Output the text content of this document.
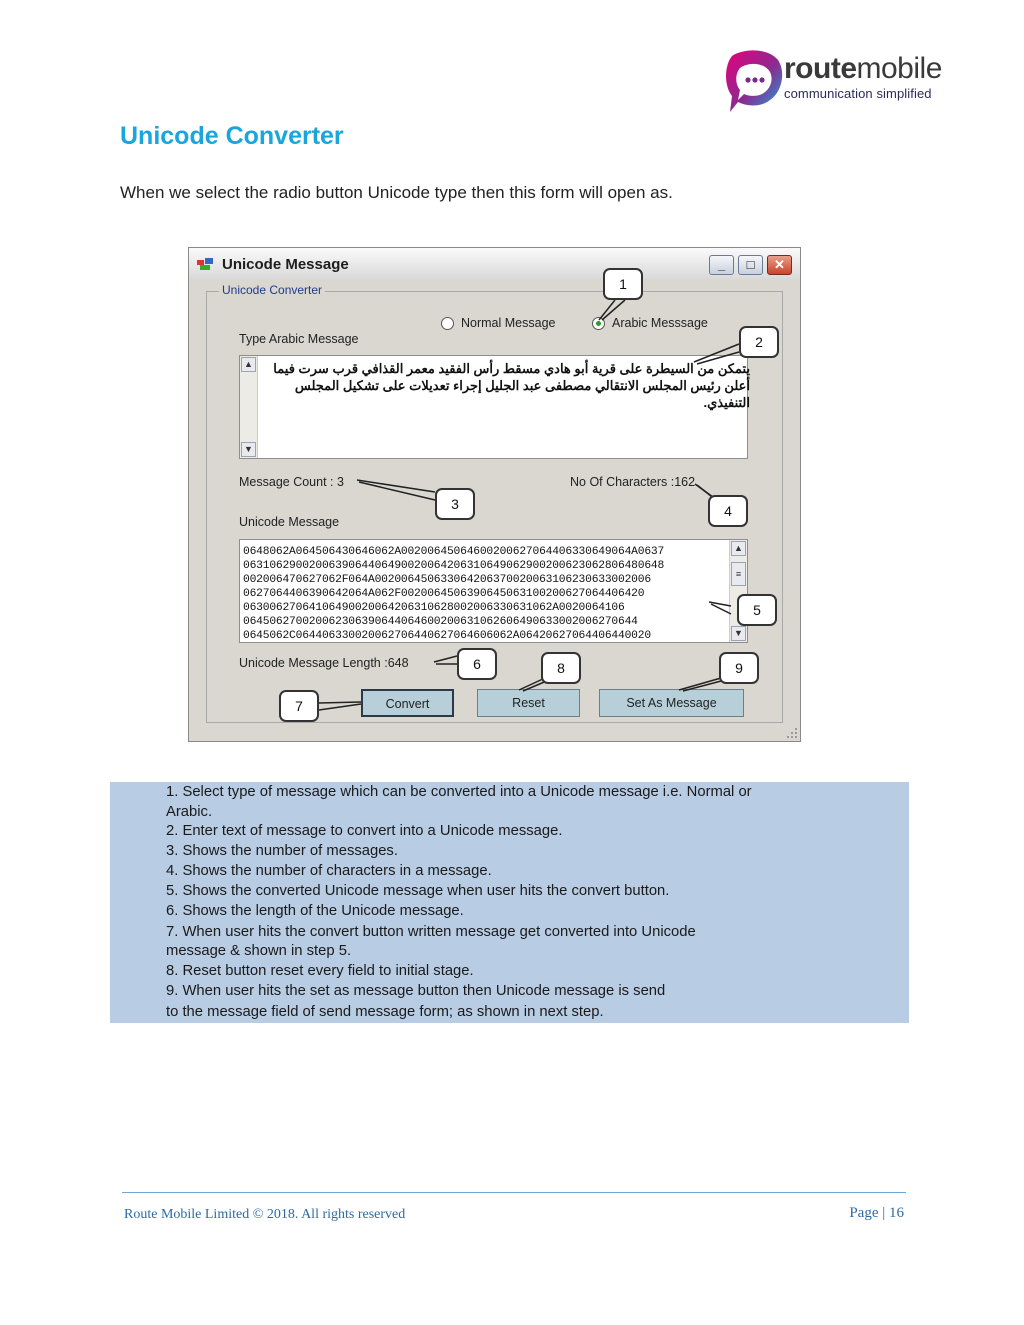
routemobile
communication simplified
Unicode Converter
When we select the radio button Unicode type then this form will open as.
Unicode Message	_	□	✕
Unicode Converter
Normal Message	Arabic Messsage
Type Arabic Message
▲
▼
يتمكن من السيطرة على قرية أبو هادي مسقط رأس الفقيد معمر القذافي قرب سرت فيما أعلن رئيس المجلس الانتقالي مصطفى عبد الجليل إجراء تعديلات على تشكيل المجلس التنفيذي.
Message Count : 3	No Of Characters :162
Unicode Message
▲
≡
▼
0648062A064506430646062A00200645064600200627064406330649064A0637
0631062900200639064406490020064206310649062900200623062806480648
002006470627062F064A002006450633064206370020063106230633002006
0627064406390642064A062F0020064506390645063100200627064406420
06300627064106490020064206310628002006330631062A0020064106
064506270020062306390644064600200631062606490633002006270644
0645062C064406330020062706440627064606062A06420627064406440020
Unicode Message Length :648
Convert	Reset	Set As Message
1
2
3	4
5
6
7
8	9
1. Select type of message which can be converted into a Unicode message i.e. Normal or
Arabic.
2. Enter text of message to convert into a Unicode message.
3. Shows the number of messages.
4. Shows the number of characters in a message.
5. Shows the converted Unicode message when user hits the convert button.
6. Shows the length of the Unicode message.
7. When user hits the convert button written message get converted into Unicode
message & shown in step 5.
8. Reset button reset every field to initial stage.
9. When user hits the set as message button then Unicode message is send
to the message field of send message form; as shown in next step.
Route Mobile Limited © 2018. All rights reserved	Page | 16
